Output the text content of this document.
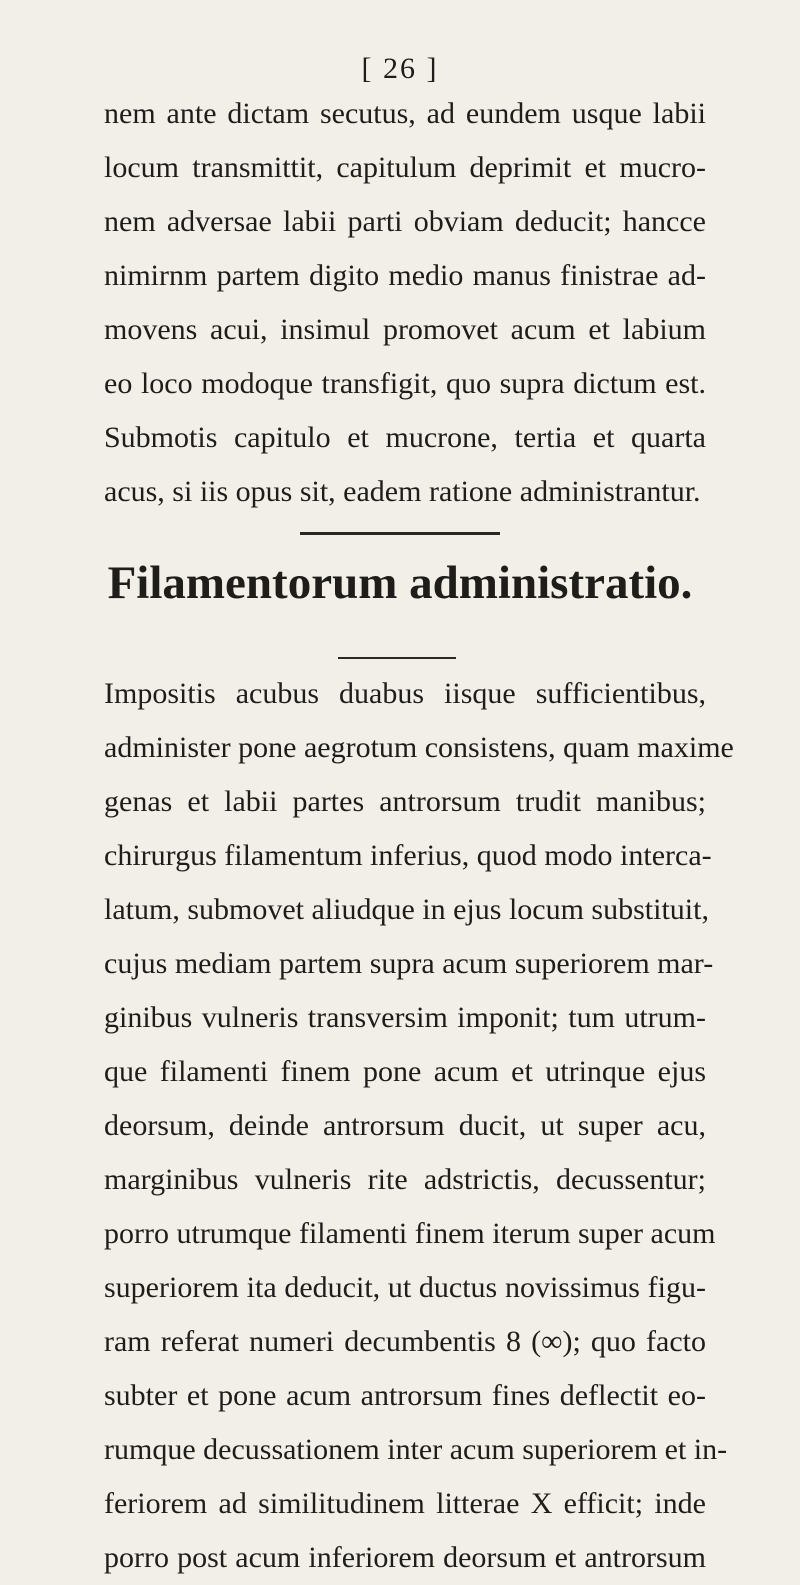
[ 26 ]
nem ante dictam secutus, ad eundem usque labii
locum transmittit, capitulum deprimit et mucro-
nem adversae labii parti obviam deducit; hancce
nimirnm partem digito medio manus finistrae ad-
movens acui, insimul promovet acum et labium
eo loco modoque transfigit, quo supra dictum est.
Submotis capitulo et mucrone, tertia et quarta
acus, si iis opus sit, eadem ratione administrantur.
Filamentorum administratio.
Impositis acubus duabus iisque sufficientibus,
administer pone aegrotum consistens, quam maxime
genas et labii partes antrorsum trudit manibus;
chirurgus filamentum inferius, quod modo interca-
latum, submovet aliudque in ejus locum substituit,
cujus mediam partem supra acum superiorem mar-
ginibus vulneris transversim imponit; tum utrum-
que filamenti finem pone acum et utrinque ejus
deorsum, deinde antrorsum ducit, ut super acu,
marginibus vulneris rite adstrictis, decussentur;
porro utrumque filamenti finem iterum super acum
superiorem ita deducit, ut ductus novissimus figu-
ram referat numeri decumbentis 8 (∞); quo facto
subter et pone acum antrorsum fines deflectit eo-
rumque decussationem inter acum superiorem et in-
feriorem ad similitudinem litterae X efficit; inde
porro post acum inferiorem deorsum et antrorsum
